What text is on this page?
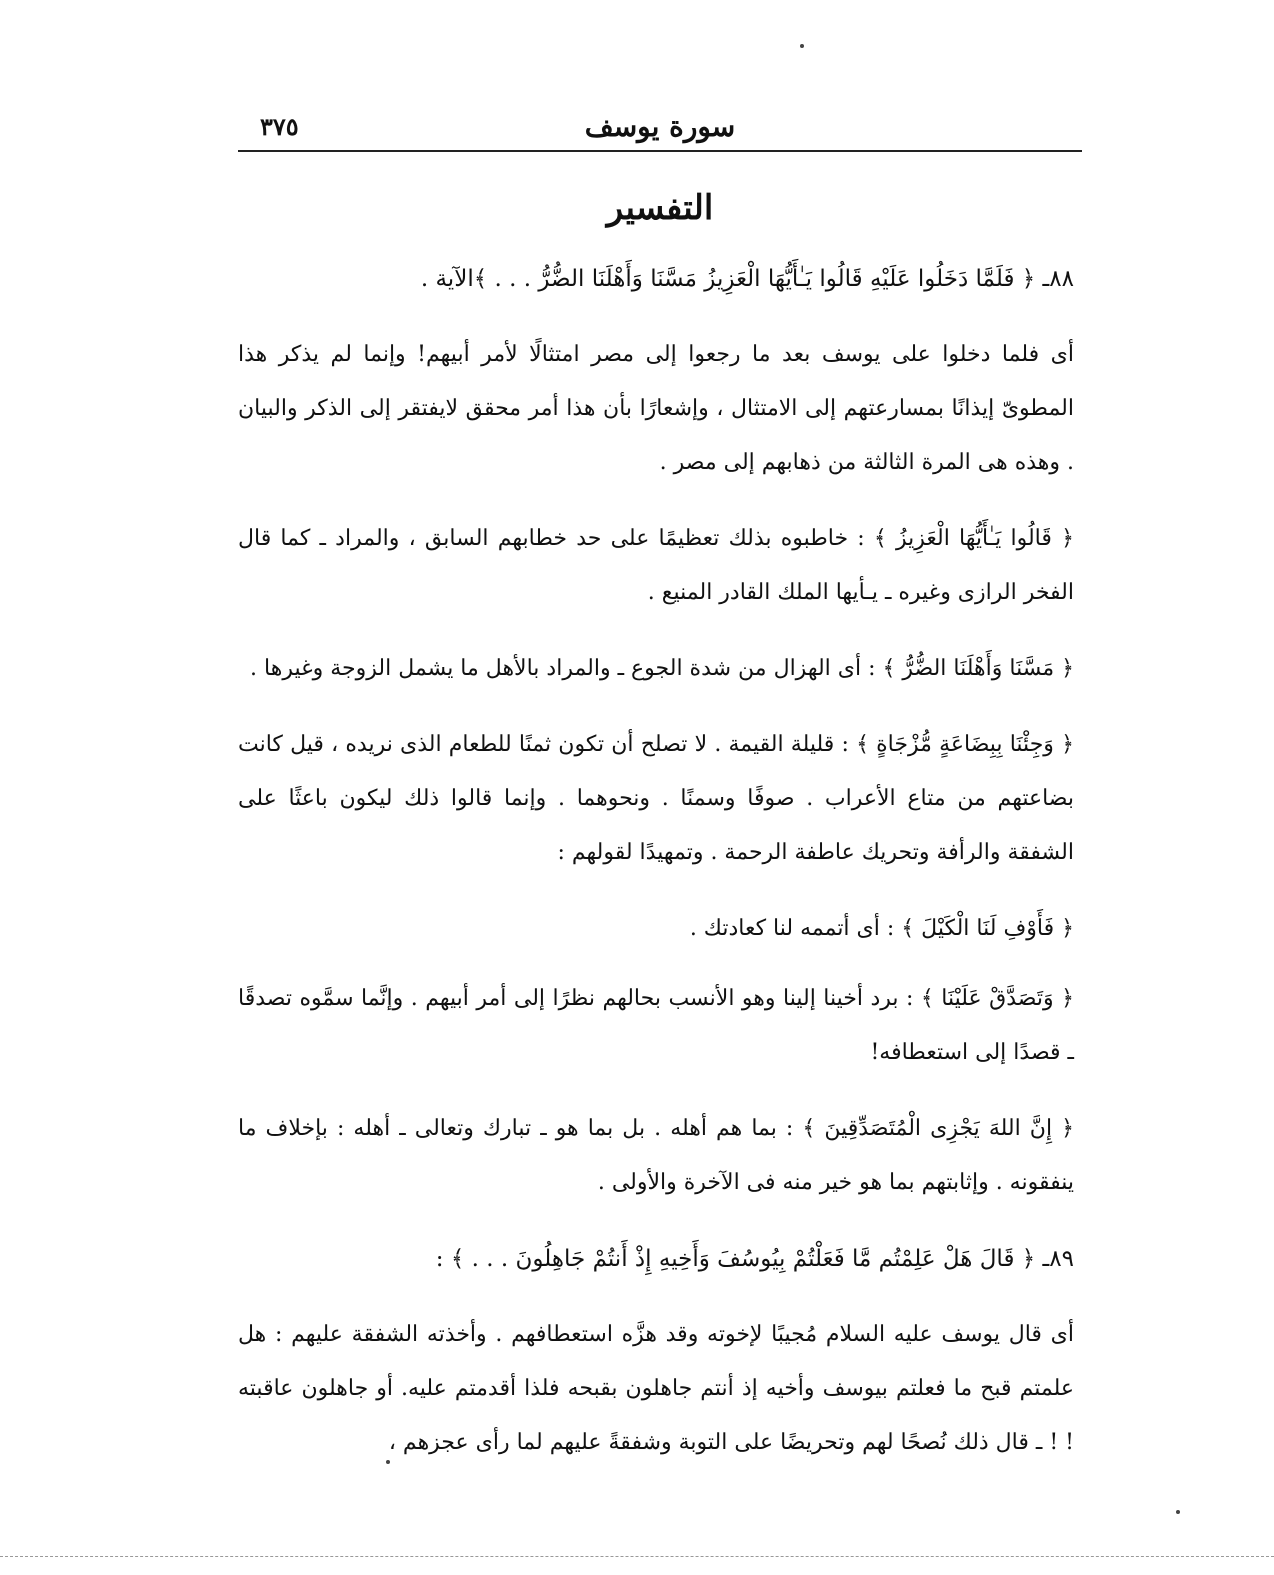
٣٧٥	سورة يوسف
التفسير

٨٨ـ ﴿ فَلَمَّا دَخَلُوا عَلَيْهِ قَالُوا يَـٰأَيُّهَا الْعَزِيزُ مَسَّنَا وَأَهْلَنَا الضُّرُّ . . . ﴾الآية .

أى فلما دخلوا على يوسف بعد ما رجعوا إلى مصر امتثالًا لأمر أبيهم! وإنما لم يذكر هذا المطوىّ إيذانًا بمسارعتهم إلى الامتثال ، وإشعارًا بأن هذا أمر محقق لايفتقر إلى الذكر والبيان . وهذه هى المرة الثالثة من ذهابهم إلى مصر .

﴿ قَالُوا يَـٰأَيُّهَا الْعَزِيزُ ﴾ : خاطبوه بذلك تعظيمًا على حد خطابهم السابق ، والمراد ـ كما قال الفخر الرازى وغيره ـ يـأيها الملك القادر المنيع .

﴿ مَسَّنَا وَأَهْلَنَا الضُّرُّ ﴾ : أى الهزال من شدة الجوع ـ والمراد بالأهل ما يشمل الزوجة وغيرها .

﴿ وَجِئْنَا بِبِضَاعَةٍ مُّزْجَاةٍ ﴾ : قليلة القيمة . لا تصلح أن تكون ثمنًا للطعام الذى نريده ، قيل كانت بضاعتهم من متاع الأعراب . صوفًا وسمنًا . ونحوهما . وإنما قالوا ذلك ليكون باعثًا على الشفقة والرأفة وتحريك عاطفة الرحمة . وتمهيدًا لقولهم :

﴿ فَأَوْفِ لَنَا الْكَيْلَ ﴾ : أى أتممه لنا كعادتك .

﴿ وَتَصَدَّقْ عَلَيْنَا ﴾ : برد أخينا إلينا وهو الأنسب بحالهم نظرًا إلى أمر أبيهم . وإنَّما سمَّوه تصدقًا ـ قصدًا إلى استعطافه!

﴿ إِنَّ اللهَ يَجْزِى الْمُتَصَدِّقِينَ ﴾ : بما هم أهله . بل بما هو ـ تبارك وتعالى ـ أهله : بإخلاف ما ينفقونه . وإثابتهم بما هو خير منه فى الآخرة والأولى .

٨٩ـ ﴿ قَالَ هَلْ عَلِمْتُم مَّا فَعَلْتُمْ بِيُوسُفَ وَأَخِيهِ إِذْ أَنتُمْ جَاهِلُونَ . . . ﴾ :

أى قال يوسف عليه السلام مُجيبًا لإخوته وقد هزَّه استعطافهم . وأخذته الشفقة عليهم : هل علمتم قبح ما فعلتم بيوسف وأخيه إذ أنتم جاهلون بقبحه فلذا أقدمتم عليه. أو جاهلون عاقبته ! ! ـ قال ذلك نُصحًا لهم وتحريضًا على التوبة وشفقةً عليهم لما رأى عجزهم ،
